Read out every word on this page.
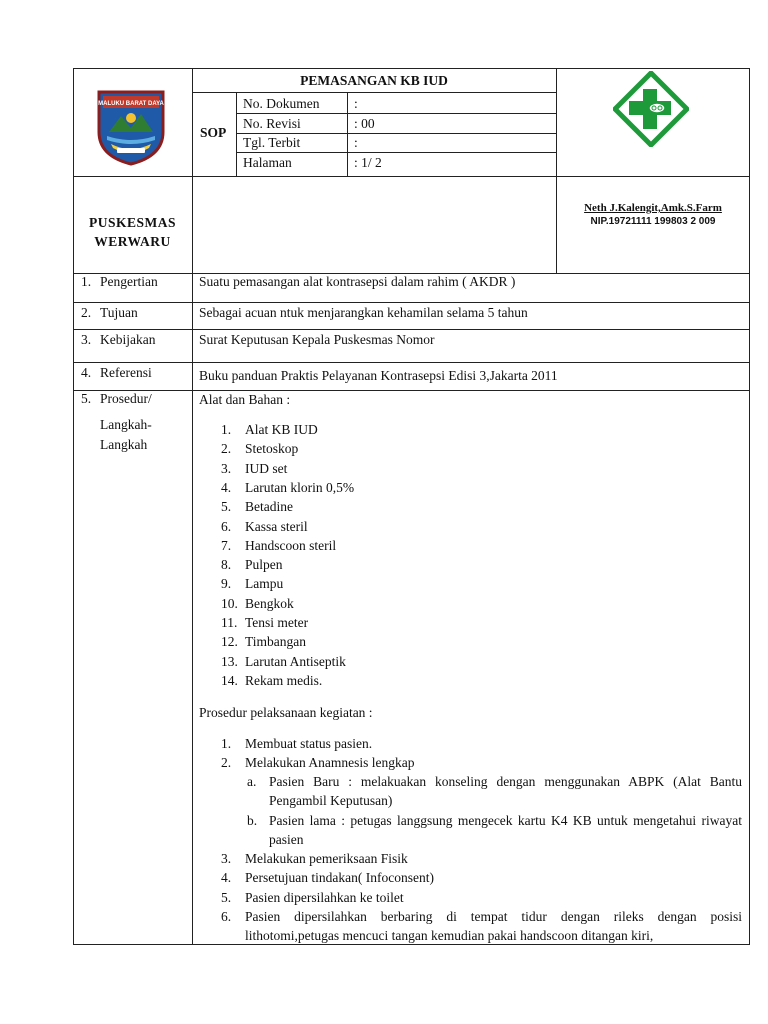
MALUKU BARAT DAYA
PEMASANGAN KB IUD
SOP
No. Dokumen	:
No. Revisi	: 00
Tgl. Terbit	:
Halaman	: 1/ 2
PUSKESMAS
WERWARU
Neth J.Kalengit,Amk.S.Farm
NIP.19721111 199803 2 009
1. Pengertian	Suatu pemasangan alat kontrasepsi dalam rahim ( AKDR )
2. Tujuan	Sebagai acuan ntuk menjarangkan kehamilan selama 5 tahun
3. Kebijakan	Surat Keputusan Kepala Puskesmas Nomor
4. Referensi	Buku panduan Praktis Pelayanan Kontrasepsi Edisi 3,Jakarta 2011
5. Prosedur/
Langkah-
Langkah
Alat dan Bahan :
1. Alat KB IUD
2. Stetoskop
3. IUD set
4. Larutan klorin 0,5%
5. Betadine
6. Kassa steril
7. Handscoon steril
8. Pulpen
9. Lampu
10. Bengkok
11. Tensi meter
12. Timbangan
13. Larutan Antiseptik
14. Rekam medis.
Prosedur pelaksanaan kegiatan :
1. Membuat status pasien.
2. Melakukan Anamnesis lengkap
a. Pasien Baru : melakuakan konseling dengan menggunakan ABPK (Alat Bantu Pengambil Keputusan)
b. Pasien lama : petugas langgsung mengecek kartu K4 KB untuk mengetahui riwayat pasien
3. Melakukan pemeriksaan Fisik
4. Persetujuan tindakan( Infoconsent)
5. Pasien dipersilahkan ke toilet
6. Pasien dipersilahkan berbaring di tempat tidur dengan rileks dengan posisi lithotomi,petugas mencuci tangan kemudian pakai handscoon ditangan kiri,
